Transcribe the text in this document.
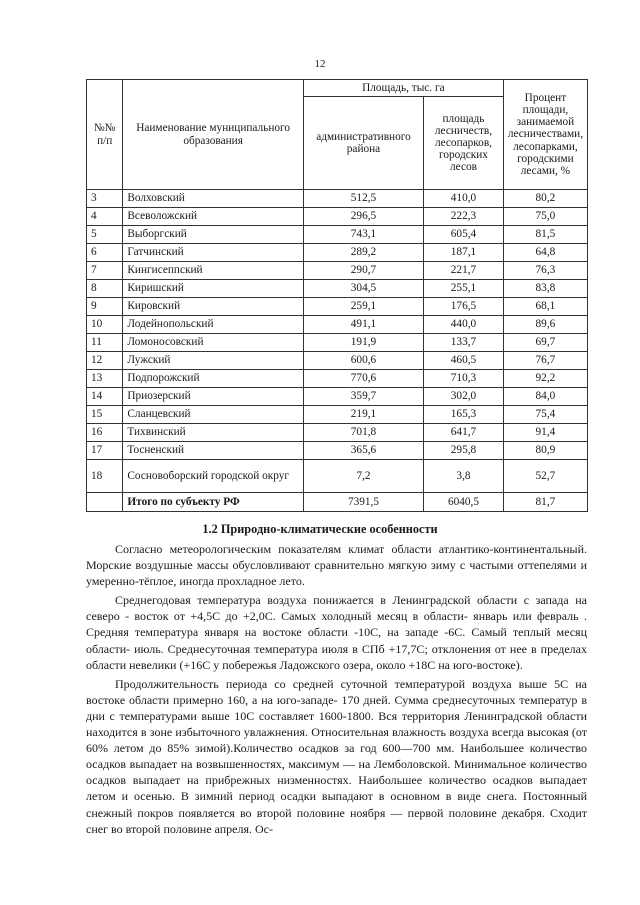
12
№№ п/п	Наименование муниципального образования	Площадь, тыс. га		Процент площади, занимаемой лесничествами, лесопарками, городскими лесами, %
		административного района	площадь лесничеств, лесопарков, городских лесов	
3	Волховский	512,5	410,0	80,2
4	Всеволожский	296,5	222,3	75,0
5	Выборгский	743,1	605,4	81,5
6	Гатчинский	289,2	187,1	64,8
7	Кингисеппский	290,7	221,7	76,3
8	Киришский	304,5	255,1	83,8
9	Кировский	259,1	176,5	68,1
10	Лодейнопольский	491,1	440,0	89,6
11	Ломоносовский	191,9	133,7	69,7
12	Лужский	600,6	460,5	76,7
13	Подпорожский	770,6	710,3	92,2
14	Приозерский	359,7	302,0	84,0
15	Сланцевский	219,1	165,3	75,4
16	Тихвинский	701,8	641,7	91,4
17	Тосненский	365,6	295,8	80,9
18	Сосновоборский городской округ	7,2	3,8	52,7
	Итого по субъекту РФ	7391,5	6040,5	81,7
1.2 Природно-климатические особенности

Согласно метеорологическим показателям климат области атлантико-континентальный. Морские воздушные массы обусловливают сравнительно мягкую зиму с частыми оттепелями и умеренно-тёплое, иногда прохладное лето.

Среднегодовая температура воздуха понижается в Ленинградской области с запада на северо - восток от +4,5С до +2,0С. Самых холодный месяц в области- январь или февраль . Средняя температура января на востоке области -10С, на западе -6С. Самый теплый месяц области- июль. Среднесуточная температура июля в СПб +17,7С; отклонения от нее в пределах области невелики (+16С у побережья Ладожского озера, около +18С на юго-востоке).

Продолжительность периода со средней суточной температурой воздуха выше 5С на востоке области примерно 160, а на юго-западе- 170 дней. Сумма среднесуточных температур в дни с температурами выше 10С составляет 1600-1800. Вся территория Ленинградской области находится в зоне избыточного увлажнения. Относительная влажность воздуха всегда высокая (от 60% летом до 85% зимой).Количество осадков за год 600—700 мм. Наибольшее количество осадков выпадает на возвышенностях, максимум — на Лемболовской. Минимальное количество осадков выпадает на прибрежных низменностях. Наибольшее количество осадков выпадает летом и осенью. В зимний период осадки выпадают в основном в виде снега. Постоянный снежный покров появляется во второй половине ноября — первой половине декабря. Сходит снег во второй половине апреля. Ос-
